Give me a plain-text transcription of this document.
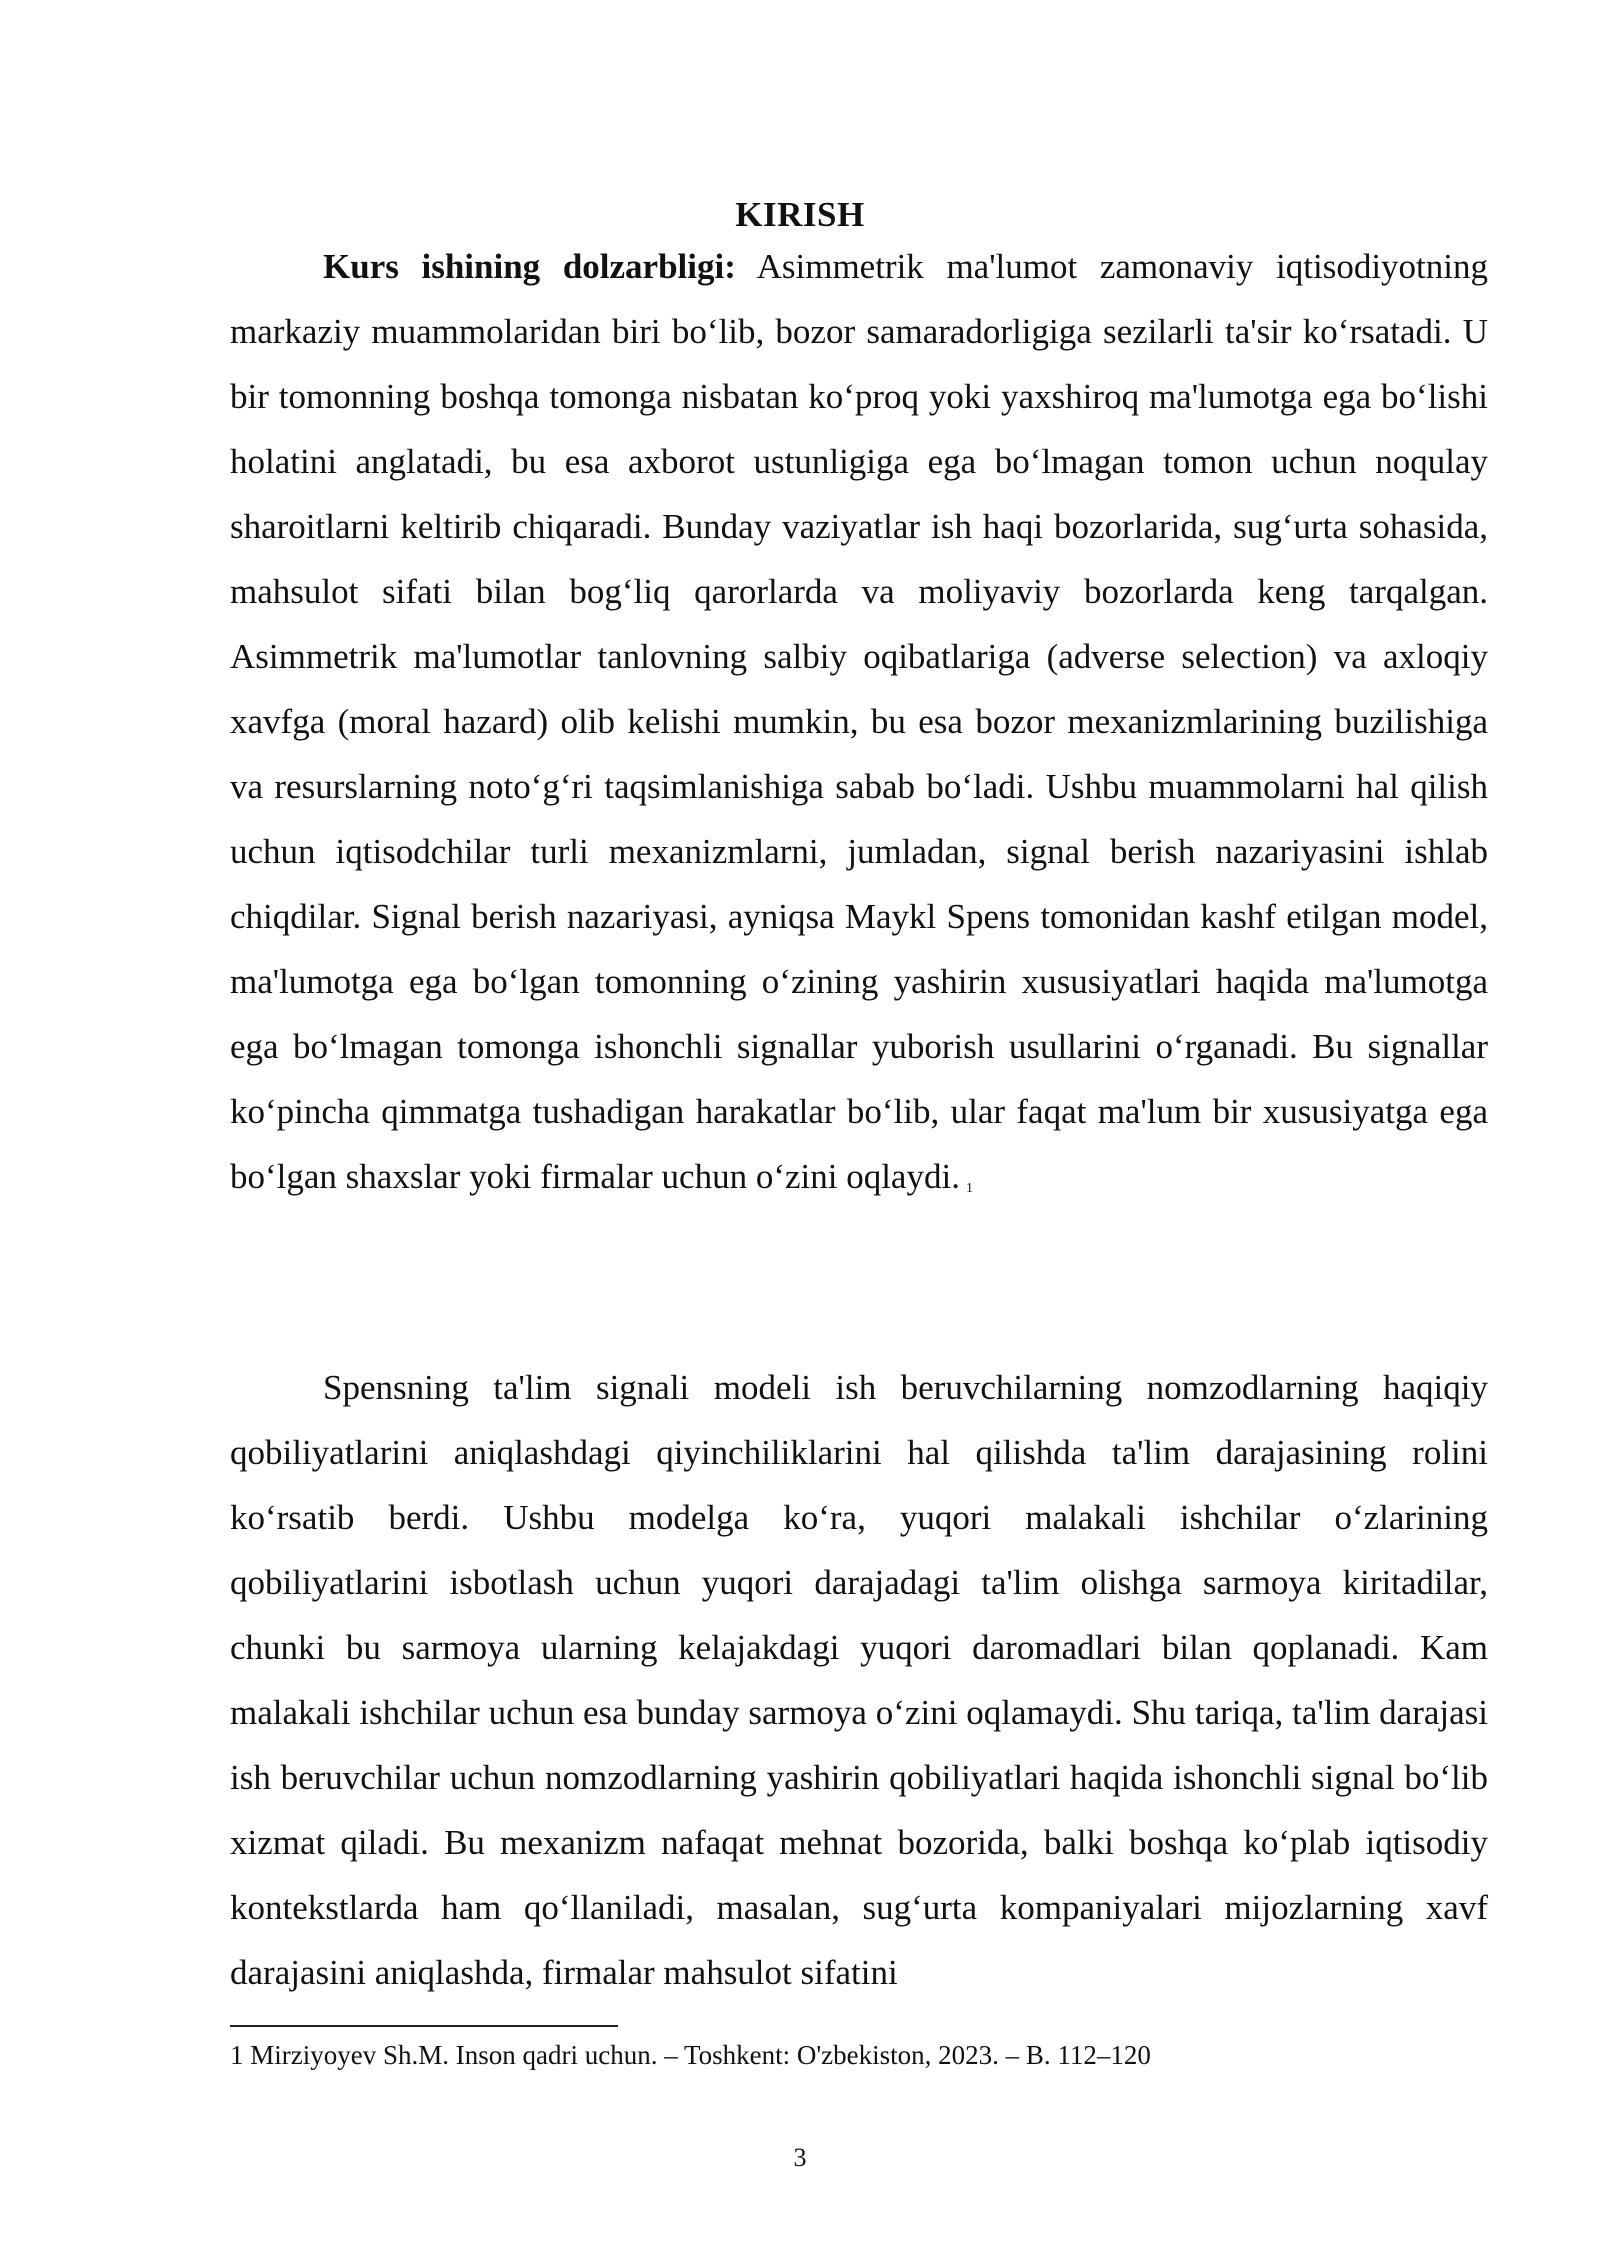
KIRISH

Kurs ishining dolzarbligi: Asimmetrik ma'lumot zamonaviy iqtisodiyotning markaziy muammolaridan biri bo‘lib, bozor samaradorligiga sezilarli ta'sir ko‘rsatadi. U bir tomonning boshqa tomonga nisbatan ko‘proq yoki yaxshiroq ma'lumotga ega bo‘lishi holatini anglatadi, bu esa axborot ustunligiga ega bo‘lmagan tomon uchun noqulay sharoitlarni keltirib chiqaradi. Bunday vaziyatlar ish haqi bozorlarida, sug‘urta sohasida, mahsulot sifati bilan bog‘liq qarorlarda va moliyaviy bozorlarda keng tarqalgan. Asimmetrik ma'lumotlar tanlovning salbiy oqibatlariga (adverse selection) va axloqiy xavfga (moral hazard) olib kelishi mumkin, bu esa bozor mexanizmlarining buzilishiga va resurslarning noto‘g‘ri taqsimlanishiga sabab bo‘ladi. Ushbu muammolarni hal qilish uchun iqtisodchilar turli mexanizmlarni, jumladan, signal berish nazariyasini ishlab chiqdilar. Signal berish nazariyasi, ayniqsa Maykl Spens tomonidan kashf etilgan model, ma'lumotga ega bo‘lgan tomonning o‘zining yashirin xususiyatlari haqida ma'lumotga ega bo‘lmagan tomonga ishonchli signallar yuborish usullarini o‘rganadi. Bu signallar ko‘pincha qimmatga tushadigan harakatlar bo‘lib, ular faqat ma'lum bir xususiyatga ega bo‘lgan shaxslar yoki firmalar uchun o‘zini oqlaydi. $^1$

Spensning ta'lim signali modeli ish beruvchilarning nomzodlarning haqiqiy qobiliyatlarini aniqlashdagi qiyinchiliklarini hal qilishda ta'lim darajasining rolini ko‘rsatib berdi. Ushbu modelga ko‘ra, yuqori malakali ishchilar o‘zlarining qobiliyatlarini isbotlash uchun yuqori darajadagi ta'lim olishga sarmoya kiritadilar, chunki bu sarmoya ularning kelajakdagi yuqori daromadlari bilan qoplanadi. Kam malakali ishchilar uchun esa bunday sarmoya o‘zini oqlamaydi. Shu tariqa, ta'lim darajasi ish beruvchilar uchun nomzodlarning yashirin qobiliyatlari haqida ishonchli signal bo‘lib xizmat qiladi. Bu mexanizm nafaqat mehnat bozorida, balki boshqa ko‘plab iqtisodiy kontekstlarda ham qo‘llaniladi, masalan, sug‘urta kompaniyalari mijozlarning xavf darajasini aniqlashda, firmalar mahsulot sifatini

1 Mirziyoyev Sh.M. Inson qadri uchun. – Toshkent: O'zbekiston, 2023. – B. 112–120

3
